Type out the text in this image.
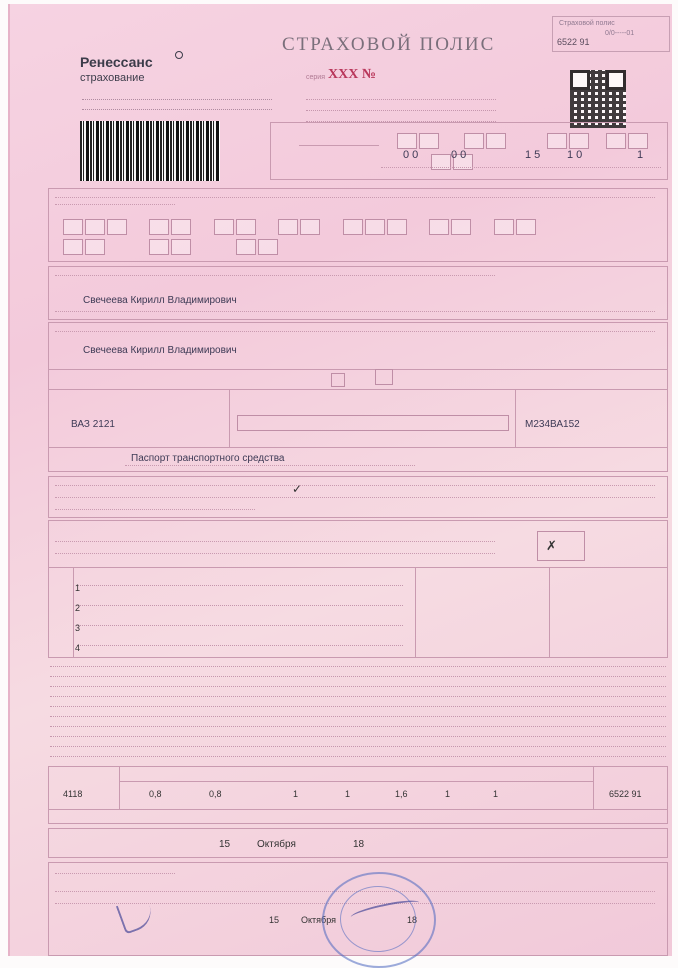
Страховой полис
0/0-----01
6522 91
Ренессанс
страхование
СТРАХОВОЙ ПОЛИС
серия ХХХ №

0 0	0 0	1 5 1 0	1

Свечеева Кирилл Владимирович
Свечеева Кирилл Владимирович
ВАЗ 2121	М234ВА152
Паспорт транспортного средства
✓
1
2
3
4
✗
4118	0,8	0,8	1	1	1,6	1	1	6522 91
15	Октября	18
15 Октября	18
